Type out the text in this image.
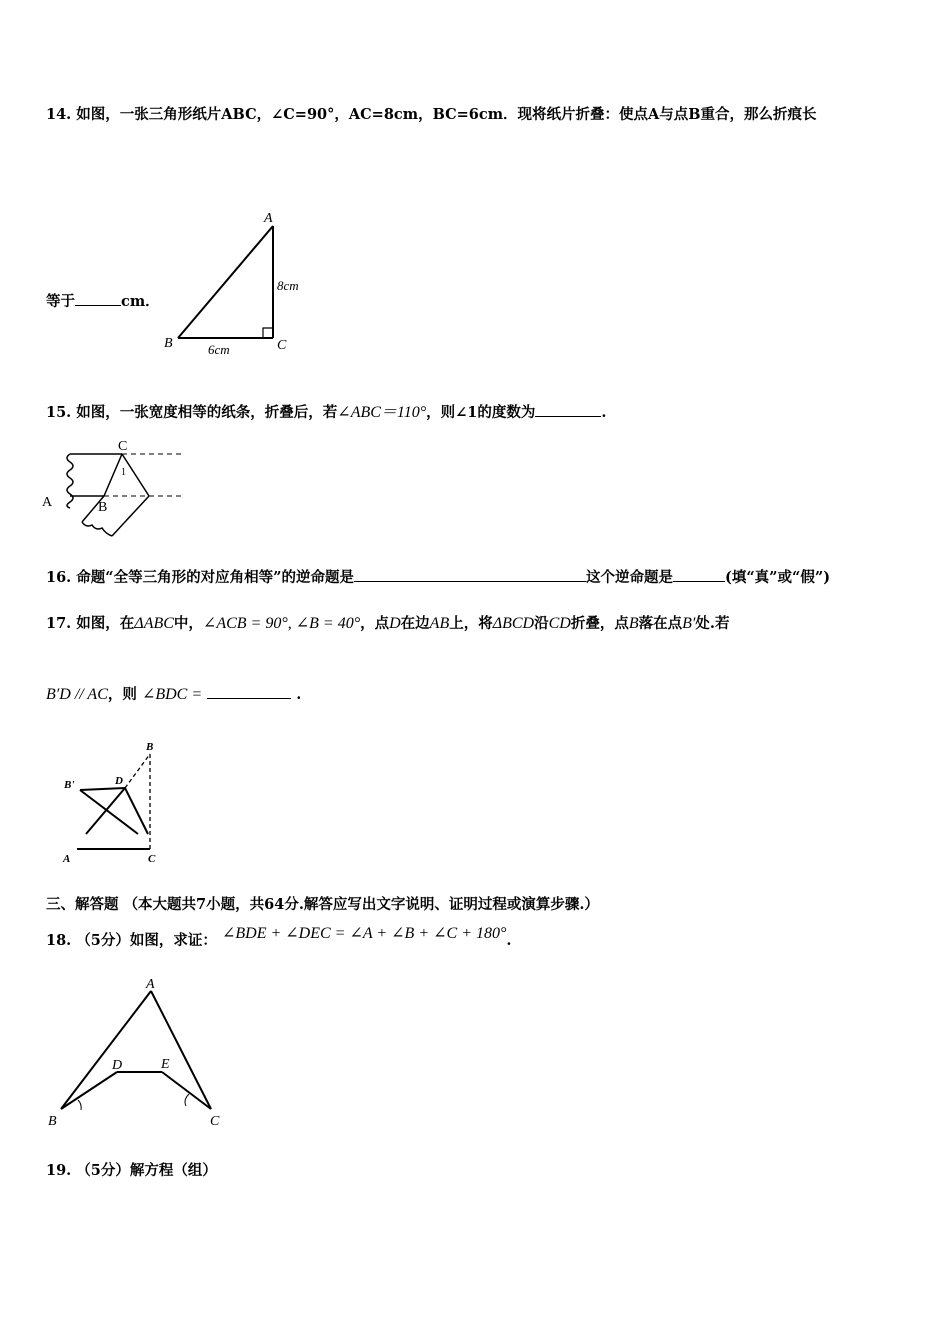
14. 如图，一张三角形纸片ABC，∠C=90°，AC=8cm，BC=6cm．现将纸片折叠：使点A与点B重合，那么折痕长
等于	cm．
A
B	C
8cm
6cm
15. 如图，一张宽度相等的纸条，折叠后，若∠ABC＝110°，则∠1的度数为	.
C
A	B
1
16. 命题“全等三角形的对应角相等”的逆命题是	这个逆命题是	(填“真”或“假”)
17. 如图，在ΔABC中，∠ACB = 90°, ∠B = 40°，点D在边AB上，将ΔBCD沿CD折叠，点B落在点B′处.若
B′D // AC，则 ∠BDC =	.
B
B'	D
A	C
三、解答题 （本大题共7小题，共64分.解答应写出文字说明、证明过程或演算步骤.）
18. （5分）如图，求证： ∠BDE + ∠DEC = ∠A + ∠B + ∠C + 180°.
A
B	C
D	E
19. （5分）解方程（组）
